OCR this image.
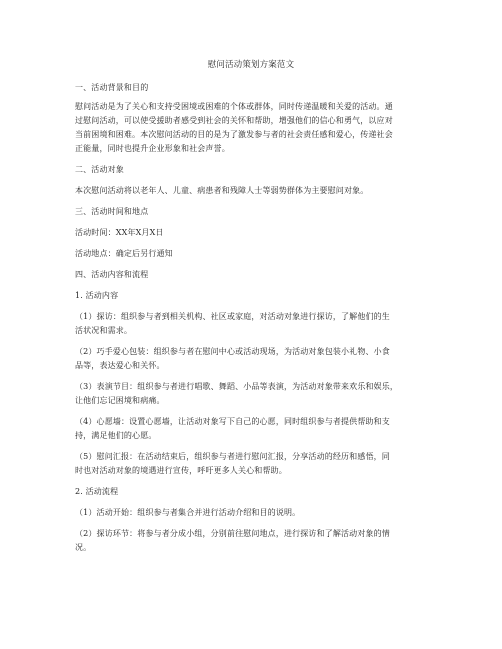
慰问活动策划方案范文

一、活动背景和目的

慰问活动是为了关心和支持受困境或困难的个体或群体，同时传递温暖和关爱的活动。通

过慰问活动，可以使受援助者感受到社会的关怀和帮助，增强他们的信心和勇气，以应对

当前困境和困难。本次慰问活动的目的是为了激发参与者的社会责任感和爱心，传递社会

正能量，同时也提升企业形象和社会声誉。

二、活动对象

本次慰问活动将以老年人、儿童、病患者和残障人士等弱势群体为主要慰问对象。

三、活动时间和地点

活动时间：XX年X月X日

活动地点：确定后另行通知

四、活动内容和流程

1. 活动内容

（1）探访：组织参与者到相关机构、社区或家庭，对活动对象进行探访，了解他们的生

活状况和需求。

（2）巧手爱心包装：组织参与者在慰问中心或活动现场，为活动对象包装小礼物、小食

品等，表达爱心和关怀。

（3）表演节目：组织参与者进行唱歌、舞蹈、小品等表演，为活动对象带来欢乐和娱乐，

让他们忘记困境和病痛。

（4）心愿墙：设置心愿墙，让活动对象写下自己的心愿，同时组织参与者提供帮助和支

持，满足他们的心愿。

（5）慰问汇报：在活动结束后，组织参与者进行慰问汇报，分享活动的经历和感悟，同

时也对活动对象的境遇进行宣传，呼吁更多人关心和帮助。

2. 活动流程

（1）活动开始：组织参与者集合并进行活动介绍和目的说明。

（2）探访环节：将参与者分成小组，分别前往慰问地点，进行探访和了解活动对象的情

况。
